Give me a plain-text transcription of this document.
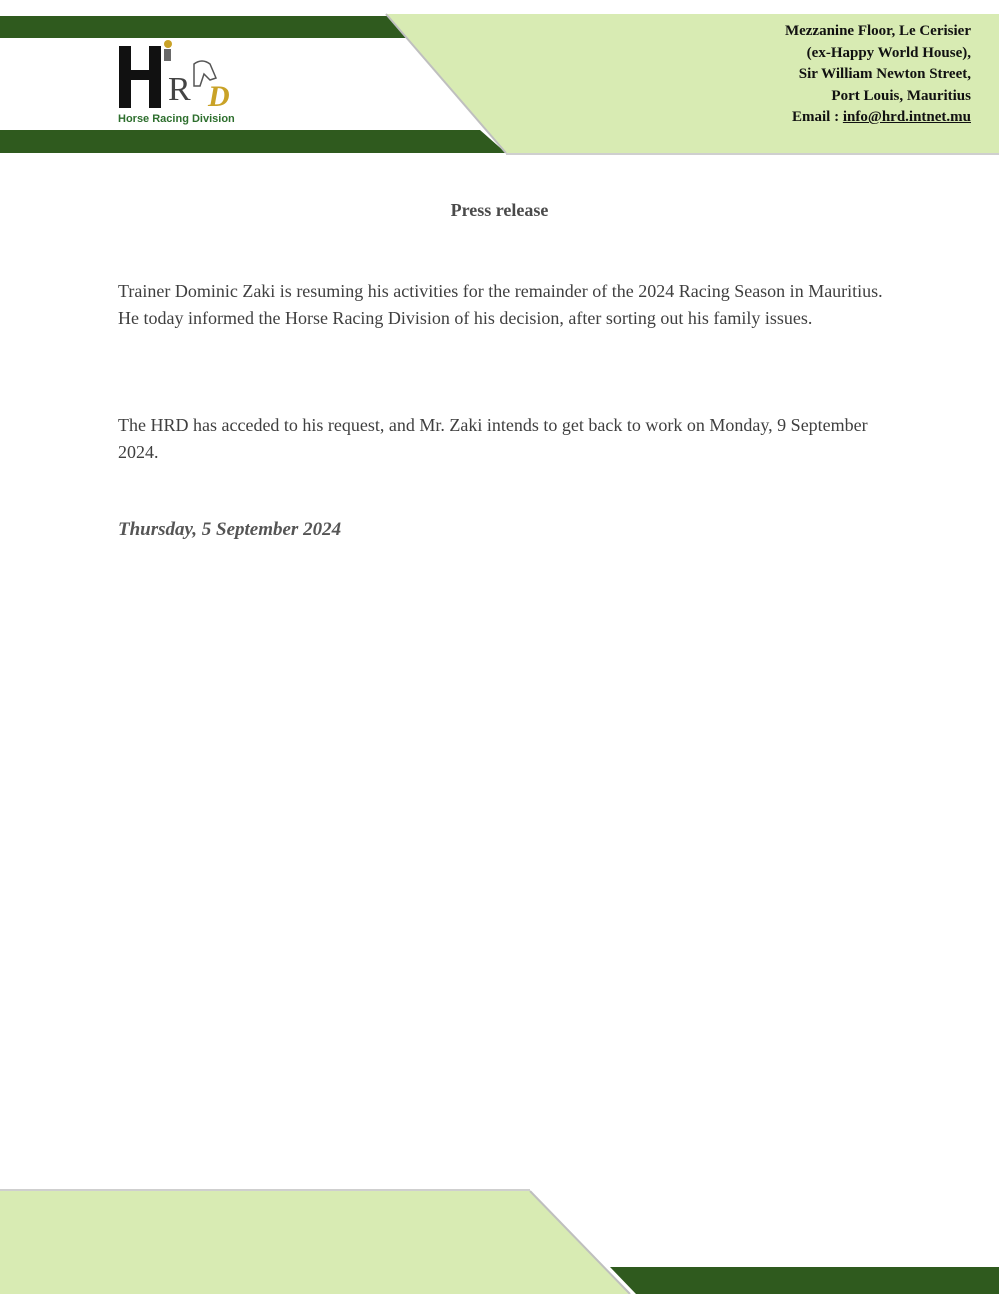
R D
Horse Racing Division
Mezzanine Floor, Le Cerisier
(ex-Happy World House),
Sir William Newton Street,
Port Louis, Mauritius
Email : info@hrd.intnet.mu
Press release
Trainer Dominic Zaki is resuming his activities for the remainder of the 2024 Racing Season in Mauritius. He today informed the Horse Racing Division of his decision, after sorting out his family issues.
The HRD has acceded to his request, and Mr. Zaki intends to get back to work on Monday, 9 September 2024.
Thursday, 5 September 2024
